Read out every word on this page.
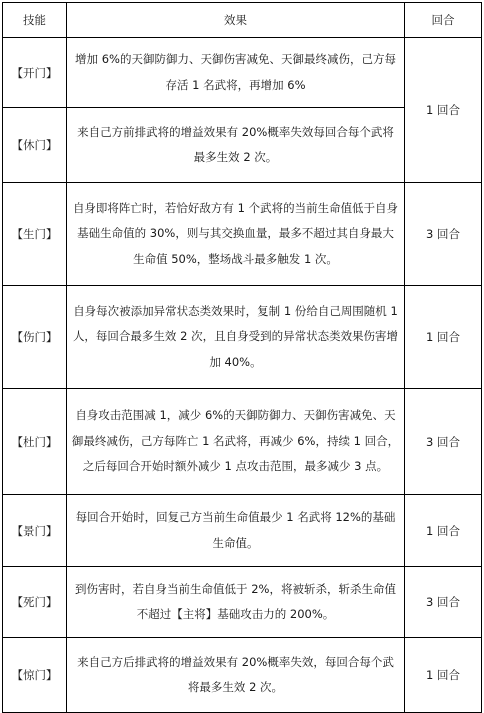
技能	效果	回合
【开门】	增加 6%的天御防御力、天御伤害减免、天御最终减伤，己方每
存活 1 名武将，再增加 6%	1 回合
【休门】	来自己方前排武将的增益效果有 20%概率失效每回合每个武将
最多生效 2 次。	
【生门】	自身即将阵亡时，若恰好敌方有 1 个武将的当前生命值低于自身
基础生命值的 30%，则与其交换血量，最多不超过其自身最大
生命值 50%，整场战斗最多触发 1 次。	3 回合
【伤门】	自身每次被添加异常状态类效果时，复制 1 份给自己周围随机 1
人，每回合最多生效 2 次，且自身受到的异常状态类效果伤害增
加 40%。	1 回合
【杜门】	自身攻击范围减 1，减少 6%的天御防御力、天御伤害减免、天
御最终减伤，己方每阵亡 1 名武将，再减少 6%，持续 1 回合，
之后每回合开始时额外减少 1 点攻击范围，最多减少 3 点。	3 回合
【景门】	每回合开始时，回复己方当前生命值最少 1 名武将 12%的基础
生命值。	1 回合
【死门】	到伤害时，若自身当前生命值低于 2%，将被斩杀，斩杀生命值
不超过【主将】基础攻击力的 200%。	3 回合
【惊门】	来自己方后排武将的增益效果有 20%概率失效，每回合每个武
将最多生效 2 次。	1 回合
